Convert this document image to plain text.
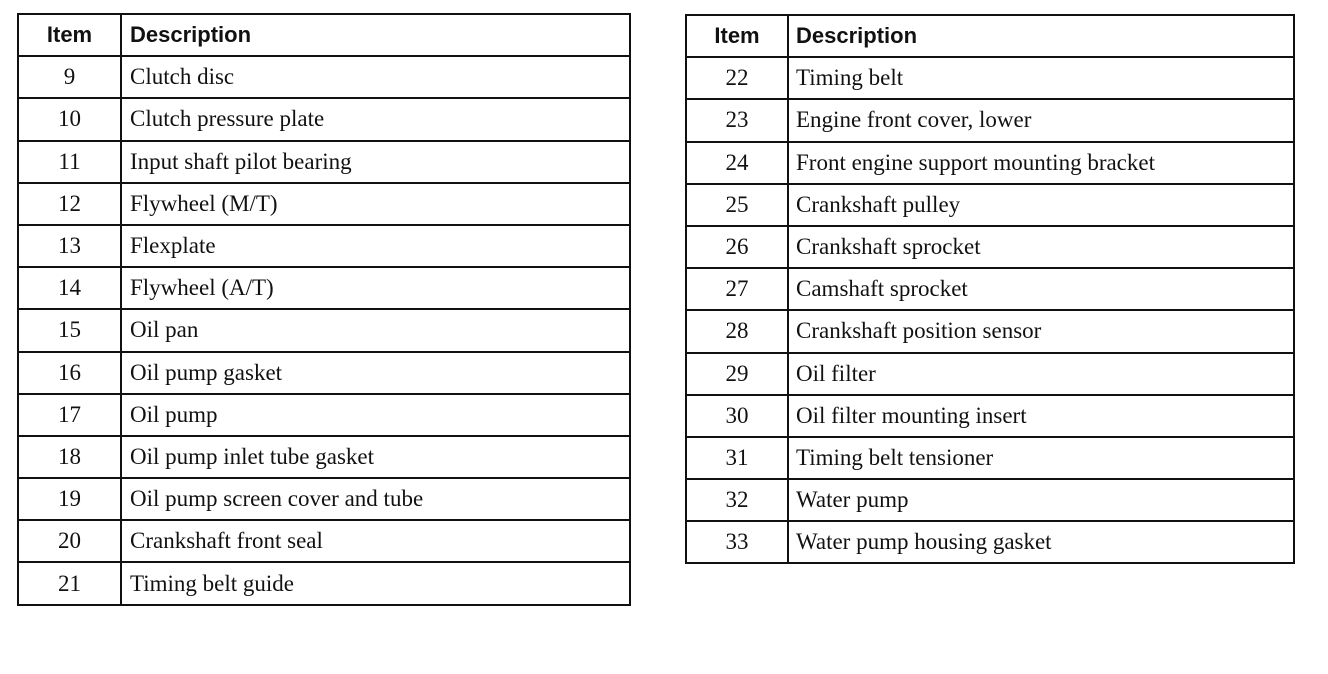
Item	Description
9	Clutch disc
10	Clutch pressure plate
11	Input shaft pilot bearing
12	Flywheel (M/T)
13	Flexplate
14	Flywheel (A/T)
15	Oil pan
16	Oil pump gasket
17	Oil pump
18	Oil pump inlet tube gasket
19	Oil pump screen cover and tube
20	Crankshaft front seal
21	Timing belt guide
Item	Description
22	Timing belt
23	Engine front cover, lower
24	Front engine support mounting bracket
25	Crankshaft pulley
26	Crankshaft sprocket
27	Camshaft sprocket
28	Crankshaft position sensor
29	Oil filter
30	Oil filter mounting insert
31	Timing belt tensioner
32	Water pump
33	Water pump housing gasket
